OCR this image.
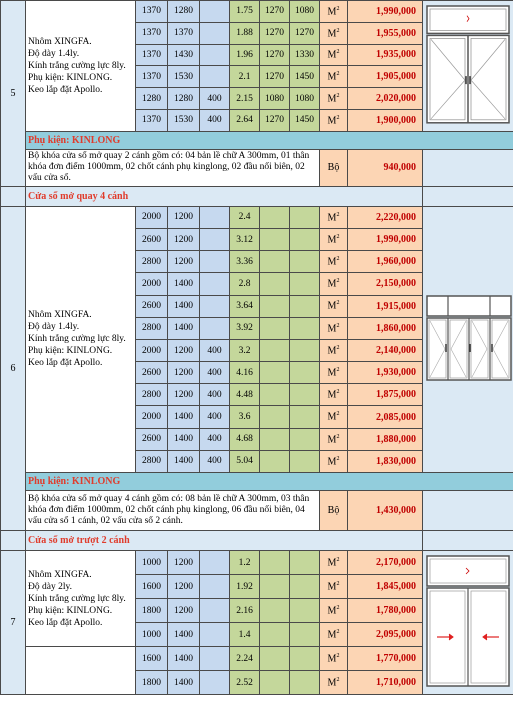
5	Nhôm XINGFA.
Độ dày 1.4ly.
Kính trắng cường lực 8ly.
Phụ kiện: KINLONG.
Keo lắp đặt Apollo.	1370	1280		1.75	1270	1080	$M^2$	1,990,000	
		1370	1370		1.88	1270	1270	$M^2$	1,955,000	
		1370	1430		1.96	1270	1330	$M^2$	1,935,000	
		1370	1530		2.1	1270	1450	$M^2$	1,905,000	
		1280	1280	400	2.15	1080	1080	$M^2$	2,020,000	
		1370	1530	400	2.64	1270	1450	$M^2$	1,900,000	
	Phụ kiện: KINLONG									
	Bộ khóa cửa sổ mở quay 2 cánh gồm có: 04 bản lề chữ A 300mm, 01 thân khóa đơn điểm 1000mm, 02 chốt cánh phụ kinglong, 02 đầu nối biên, 02 vấu cửa sổ.							Bộ	940,000	
	Cửa sổ mở quay 4 cánh									
6	Nhôm XINGFA.
Độ dày 1.4ly.
Kính trắng cường lực 8ly.
Phụ kiện: KINLONG.
Keo lắp đặt Apollo.	2000	1200		2.4			$M^2$	2,220,000	
		2600	1200		3.12			$M^2$	1,990,000	
		2800	1200		3.36			$M^2$	1,960,000	
		2000	1400		2.8			$M^2$	2,150,000	
		2600	1400		3.64			$M^2$	1,915,000	
		2800	1400		3.92			$M^2$	1,860,000	
		2000	1200	400	3.2			$M^2$	2,140,000	
		2600	1200	400	4.16			$M^2$	1,930,000	
		2800	1200	400	4.48			$M^2$	1,875,000	
		2000	1400	400	3.6			$M^2$	2,085,000	
		2600	1400	400	4.68			$M^2$	1,880,000	
		2800	1400	400	5.04			$M^2$	1,830,000	
	Phụ kiện: KINLONG									
	Bộ khóa cửa sổ mở quay 4 cánh gồm có: 08 bản lề chữ A 300mm, 03 thân khóa đơn điểm 1000mm, 02 chốt cánh phụ kinglong, 06 đầu nối biên, 04 vấu cửa sổ 1 cánh, 02 vấu cửa sổ 2 cánh.							Bộ	1,430,000	
	Cửa sổ mở trượt 2 cánh									
7	Nhôm XINGFA.
Độ dày 2ly.
Kính trắng cường lực 8ly.
Phụ kiện: KINLONG.
Keo lắp đặt Apollo.	1000	1200		1.2			$M^2$	2,170,000	
		1600	1200		1.92			$M^2$	1,845,000	
		1800	1200		2.16			$M^2$	1,780,000	
		1000	1400		1.4			$M^2$	2,095,000	
		1600	1400		2.24			$M^2$	1,770,000	
		1800	1400		2.52			$M^2$	1,710,000	
